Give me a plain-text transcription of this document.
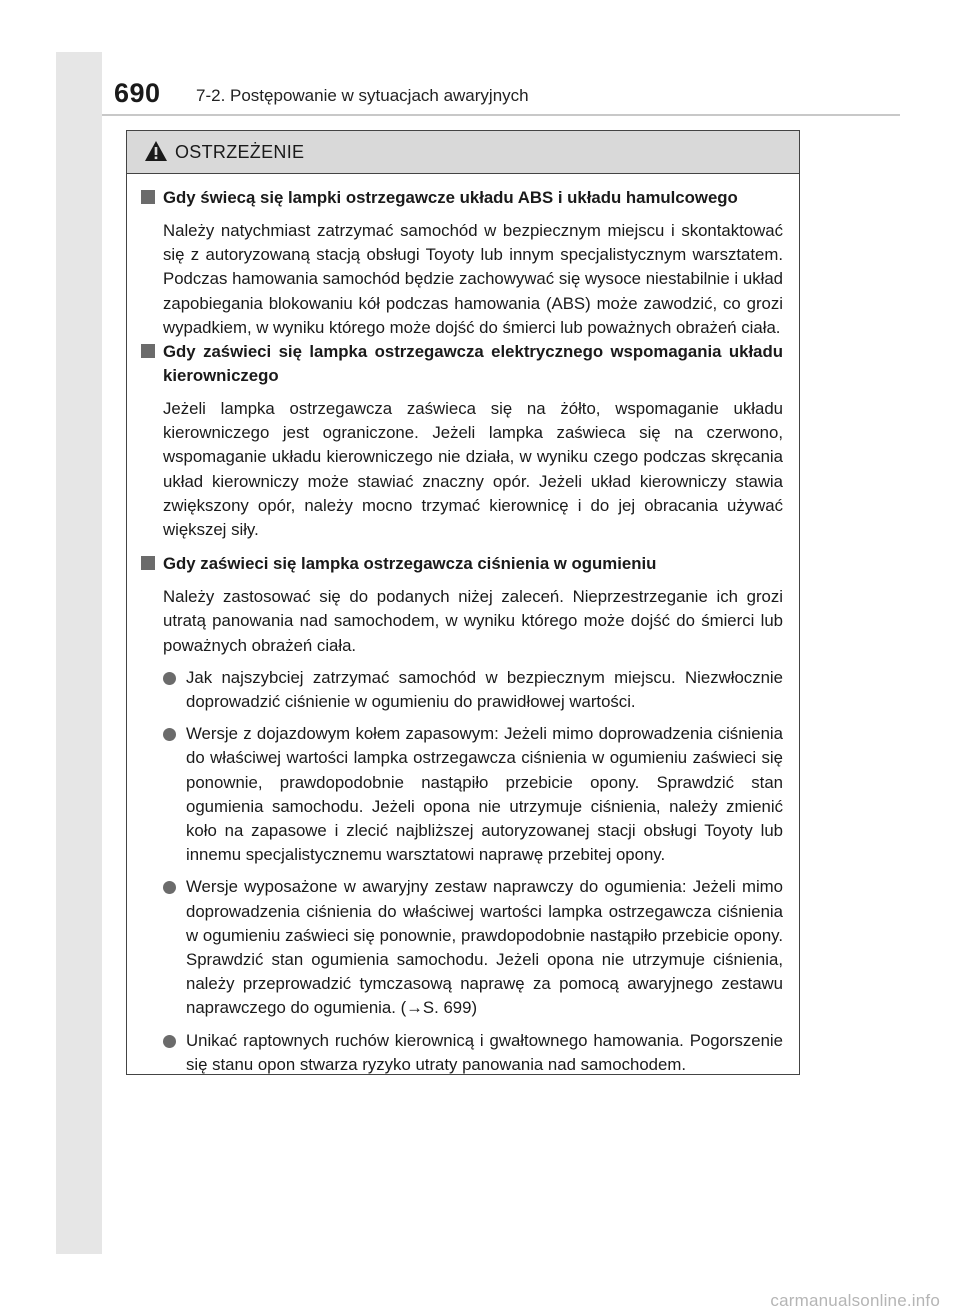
690 7-2. Postępowanie w sytuacjach awaryjnych
OSTRZEŻENIE
Gdy świecą się lampki ostrzegawcze układu ABS i układu hamulcowego
Należy natychmiast zatrzymać samochód w bezpiecznym miejscu i skontaktować się z autoryzowaną stacją obsługi Toyoty lub innym specjalistycznym warsztatem. Podczas hamowania samochód będzie zachowywać się wysoce niestabilnie i układ zapobiegania blokowaniu kół podczas hamowania (ABS) może zawodzić, co grozi wypadkiem, w wyniku którego może dojść do śmierci lub poważnych obrażeń ciała.
Gdy zaświeci się lampka ostrzegawcza elektrycznego wspomagania układu kierowniczego
Jeżeli lampka ostrzegawcza zaświeca się na żółto, wspomaganie układu kierowniczego jest ograniczone. Jeżeli lampka zaświeca się na czerwono, wspomaganie układu kierowniczego nie działa, w wyniku czego podczas skręcania układ kierowniczy może stawiać znaczny opór. Jeżeli układ kierowniczy stawia zwiększony opór, należy mocno trzymać kierownicę i do jej obracania używać większej siły.
Gdy zaświeci się lampka ostrzegawcza ciśnienia w ogumieniu
Należy zastosować się do podanych niżej zaleceń. Nieprzestrzeganie ich grozi utratą panowania nad samochodem, w wyniku którego może dojść do śmierci lub poważnych obrażeń ciała.
Jak najszybciej zatrzymać samochód w bezpiecznym miejscu. Niezwłocznie doprowadzić ciśnienie w ogumieniu do prawidłowej wartości.
Wersje z dojazdowym kołem zapasowym: Jeżeli mimo doprowadzenia ciśnienia do właściwej wartości lampka ostrzegawcza ciśnienia w ogumieniu zaświeci się ponownie, prawdopodobnie nastąpiło przebicie opony. Sprawdzić stan ogumienia samochodu. Jeżeli opona nie utrzymuje ciśnienia, należy zmienić koło na zapasowe i zlecić najbliższej autoryzowanej stacji obsługi Toyoty lub innemu specjalistycznemu warsztatowi naprawę przebitej opony.
Wersje wyposażone w awaryjny zestaw naprawczy do ogumienia: Jeżeli mimo doprowadzenia ciśnienia do właściwej wartości lampka ostrzegawcza ciśnienia w ogumieniu zaświeci się ponownie, prawdopodobnie nastąpiło przebicie opony. Sprawdzić stan ogumienia samochodu. Jeżeli opona nie utrzymuje ciśnienia, należy przeprowadzić tymczasową naprawę za pomocą awaryjnego zestawu naprawczego do ogumienia. (→S. 699)
Unikać raptownych ruchów kierownicą i gwałtownego hamowania. Pogorszenie się stanu opon stwarza ryzyko utraty panowania nad samochodem.
carmanualsonline.info
